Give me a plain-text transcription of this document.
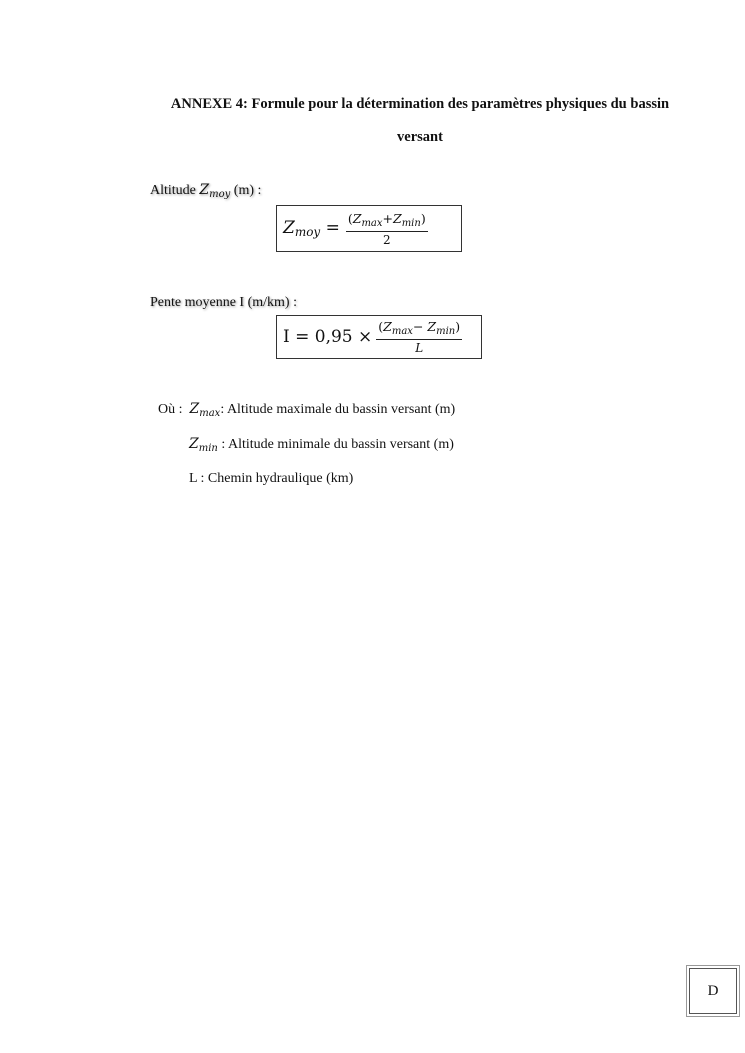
ANNEXE 4: Formule pour la détermination des paramètres physiques du bassin versant
Altitude $Z_{moy}$ (m) :
$Z_{moy} = \frac{(Z_{max}+Z_{min})}{2}$
Pente moyenne I (m/km) :
$I = 0,95 \times \frac{(Z_{max}- Z_{min})}{L}$
Où : $Z_{max}$: Altitude maximale du bassin versant (m)
$Z_{min}$ : Altitude minimale du bassin versant (m)
L : Chemin hydraulique (km)
D
